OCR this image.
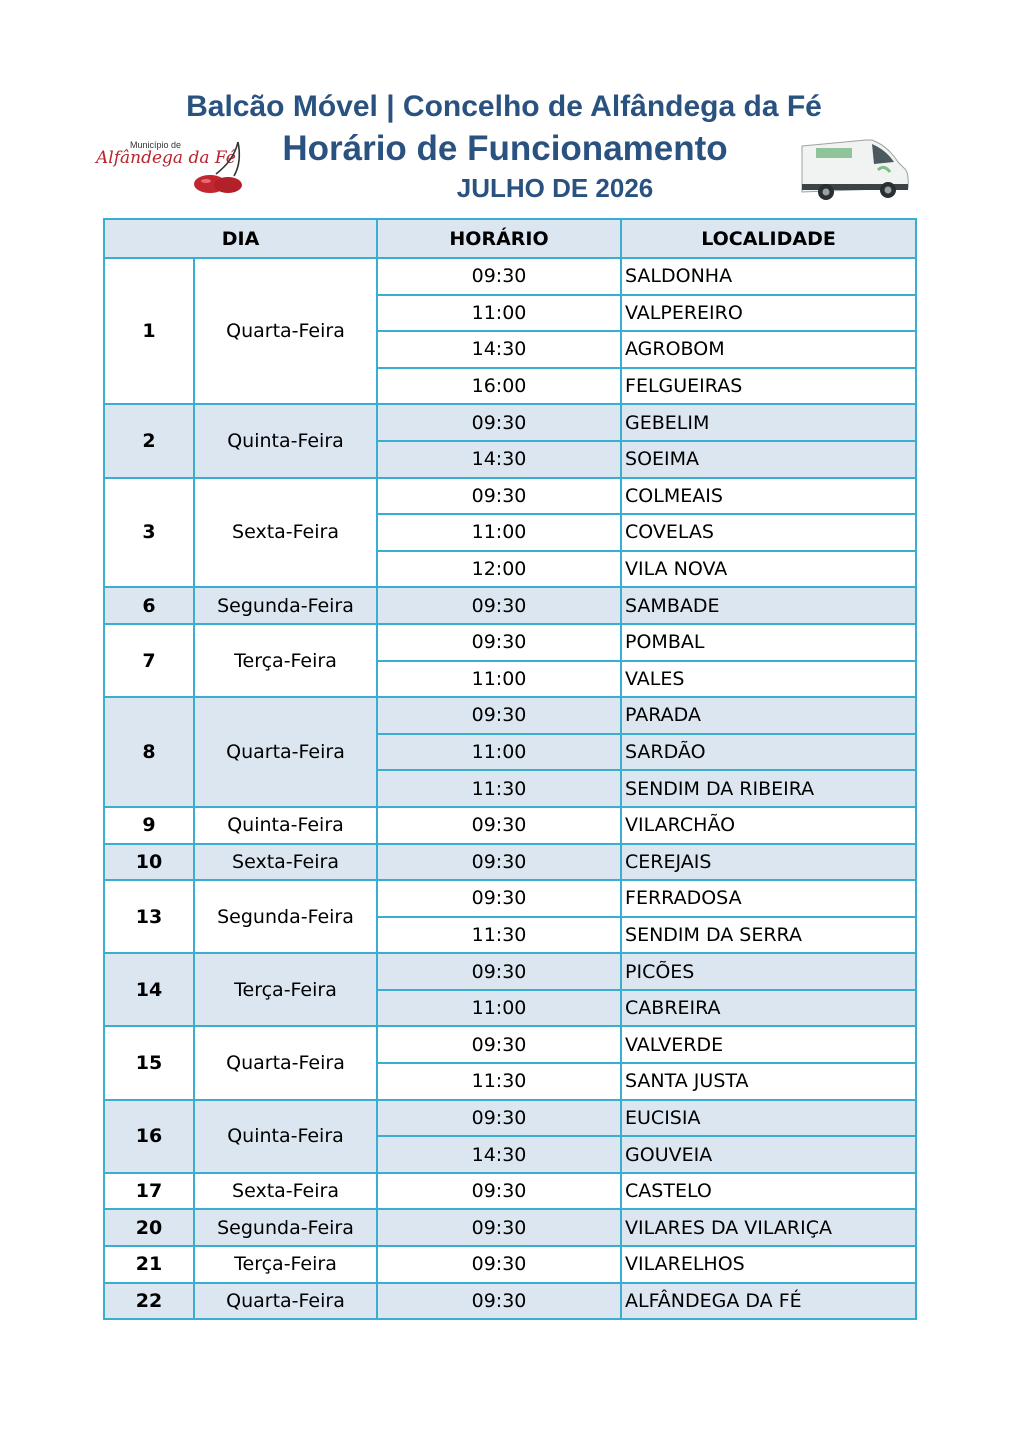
Balcão Móvel | Concelho de Alfândega da Fé
Município de
Alfândega da Fé	Horário de Funcionamento
JULHO DE 2026
DIA		HORÁRIO	LOCALIDADE
1	Quarta-Feira	09:30	SALDONHA
		11:00	VALPEREIRO
		14:30	AGROBOM
		16:00	FELGUEIRAS
2	Quinta-Feira	09:30	GEBELIM
		14:30	SOEIMA
3	Sexta-Feira	09:30	COLMEAIS
		11:00	COVELAS
		12:00	VILA NOVA
6	Segunda-Feira	09:30	SAMBADE
7	Terça-Feira	09:30	POMBAL
		11:00	VALES
8	Quarta-Feira	09:30	PARADA
		11:00	SARDÃO
		11:30	SENDIM DA RIBEIRA
9	Quinta-Feira	09:30	VILARCHÃO
10	Sexta-Feira	09:30	CEREJAIS
13	Segunda-Feira	09:30	FERRADOSA
		11:30	SENDIM DA SERRA
14	Terça-Feira	09:30	PICÕES
		11:00	CABREIRA
15	Quarta-Feira	09:30	VALVERDE
		11:30	SANTA JUSTA
16	Quinta-Feira	09:30	EUCISIA
		14:30	GOUVEIA
17	Sexta-Feira	09:30	CASTELO
20	Segunda-Feira	09:30	VILARES DA VILARIÇA
21	Terça-Feira	09:30	VILARELHOS
22	Quarta-Feira	09:30	ALFÂNDEGA DA FÉ
